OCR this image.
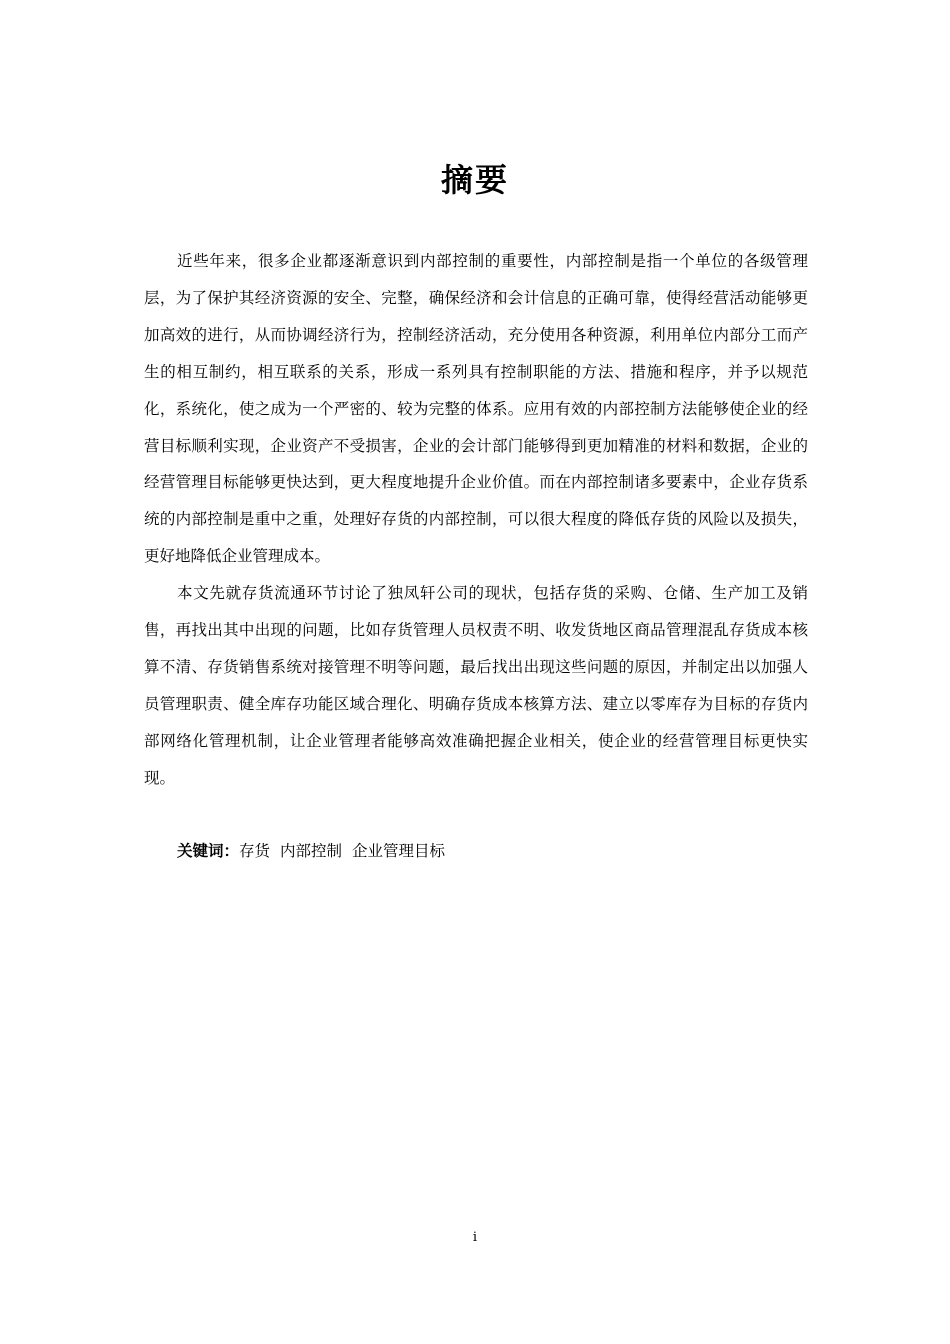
摘要

近些年来，很多企业都逐渐意识到内部控制的重要性，内部控制是指一个单位的各级管理层，为了保护其经济资源的安全、完整，确保经济和会计信息的正确可靠，使得经营活动能够更加高效的进行，从而协调经济行为，控制经济活动，充分使用各种资源，利用单位内部分工而产生的相互制约，相互联系的关系，形成一系列具有控制职能的方法、措施和程序，并予以规范化，系统化，使之成为一个严密的、较为完整的体系。应用有效的内部控制方法能够使企业的经营目标顺利实现，企业资产不受损害，企业的会计部门能够得到更加精准的材料和数据，企业的经营管理目标能够更快达到，更大程度地提升企业价值。而在内部控制诸多要素中，企业存货系统的内部控制是重中之重，处理好存货的内部控制，可以很大程度的降低存货的风险以及损失，更好地降低企业管理成本。

本文先就存货流通环节讨论了独凤轩公司的现状，包括存货的采购、仓储、生产加工及销售，再找出其中出现的问题，比如存货管理人员权责不明、收发货地区商品管理混乱存货成本核算不清、存货销售系统对接管理不明等问题，最后找出出现这些问题的原因，并制定出以加强人员管理职责、健全库存功能区域合理化、明确存货成本核算方法、建立以零库存为目标的存货内部网络化管理机制，让企业管理者能够高效准确把握企业相关，使企业的经营管理目标更快实现。

关键词：存货 内部控制 企业管理目标
i
